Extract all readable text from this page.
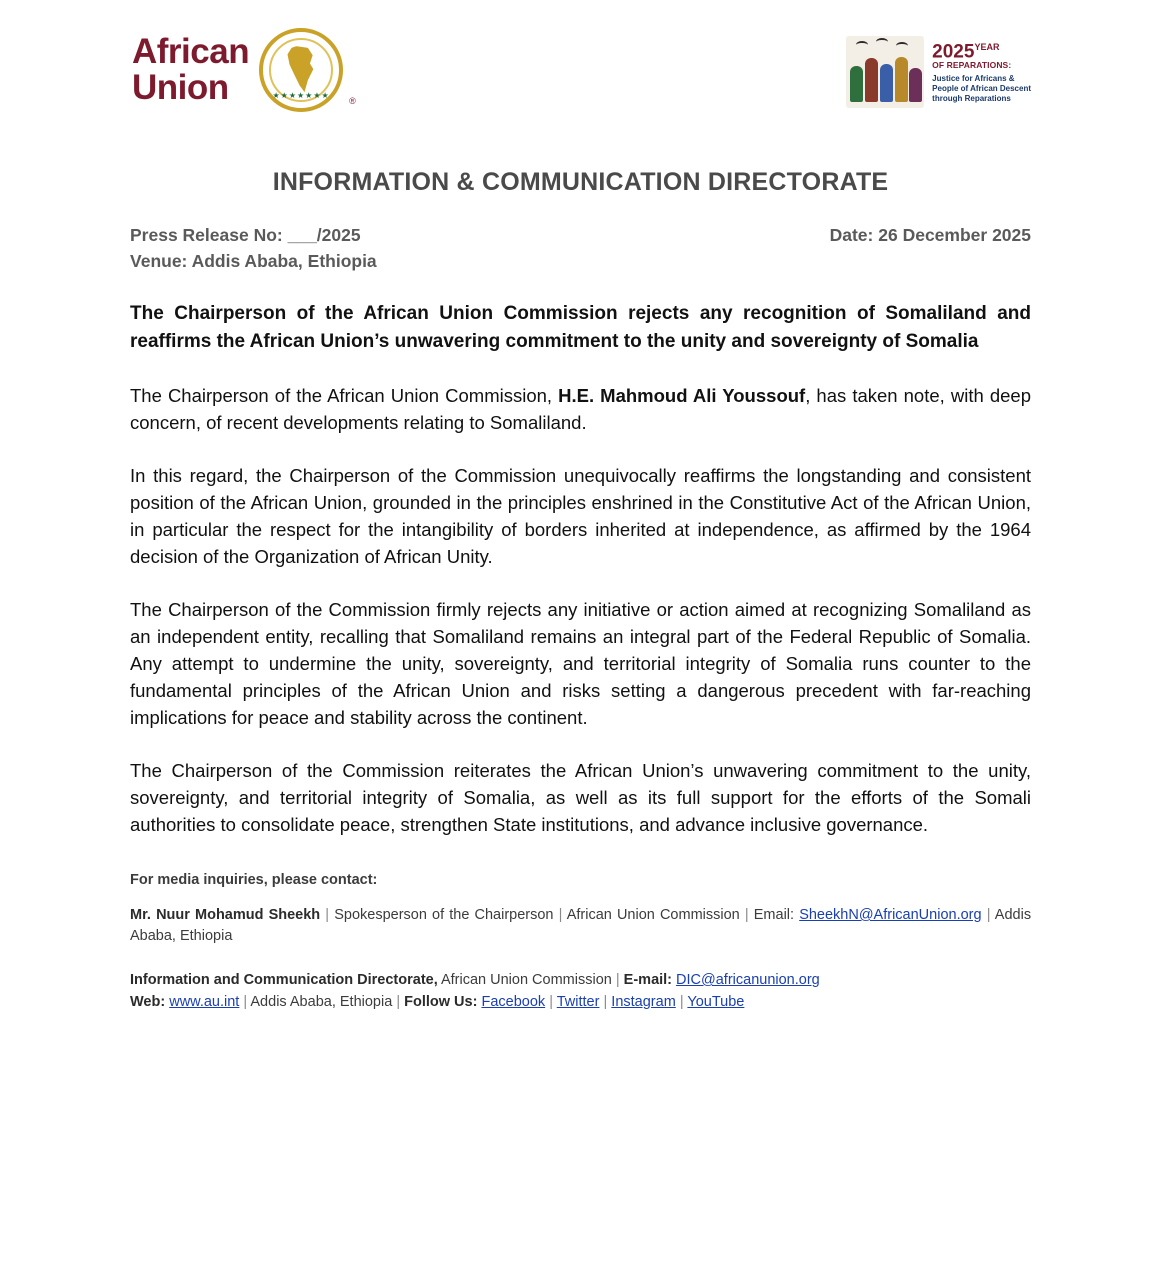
African
Union	★★★★★★★
®
$2025^{YEAR}$
OF REPARATIONS:
Justice for Africans &
People of African Descent
through Reparations
INFORMATION & COMMUNICATION DIRECTORATE
Press Release No: ___/2025	Date: 26 December 2025
Venue: Addis Ababa, Ethiopia
The Chairperson of the African Union Commission rejects any recognition of Somaliland and reaffirms the African Union’s unwavering commitment to the unity and sovereignty of Somalia

The Chairperson of the African Union Commission, H.E. Mahmoud Ali Youssouf, has taken note, with deep concern, of recent developments relating to Somaliland.

In this regard, the Chairperson of the Commission unequivocally reaffirms the longstanding and consistent position of the African Union, grounded in the principles enshrined in the Constitutive Act of the African Union, in particular the respect for the intangibility of borders inherited at independence, as affirmed by the 1964 decision of the Organization of African Unity.

The Chairperson of the Commission firmly rejects any initiative or action aimed at recognizing Somaliland as an independent entity, recalling that Somaliland remains an integral part of the Federal Republic of Somalia. Any attempt to undermine the unity, sovereignty, and territorial integrity of Somalia runs counter to the fundamental principles of the African Union and risks setting a dangerous precedent with far-reaching implications for peace and stability across the continent.

The Chairperson of the Commission reiterates the African Union’s unwavering commitment to the unity, sovereignty, and territorial integrity of Somalia, as well as its full support for the efforts of the Somali authorities to consolidate peace, strengthen State institutions, and advance inclusive governance.

For media inquiries, please contact:
Mr. Nuur Mohamud Sheekh | Spokesperson of the Chairperson | African Union Commission | Email: SheekhN@AfricanUnion.org | Addis Ababa, Ethiopia
Information and Communication Directorate, African Union Commission | E-mail: DIC@africanunion.org
Web: www.au.int | Addis Ababa, Ethiopia | Follow Us: Facebook | Twitter | Instagram | YouTube
